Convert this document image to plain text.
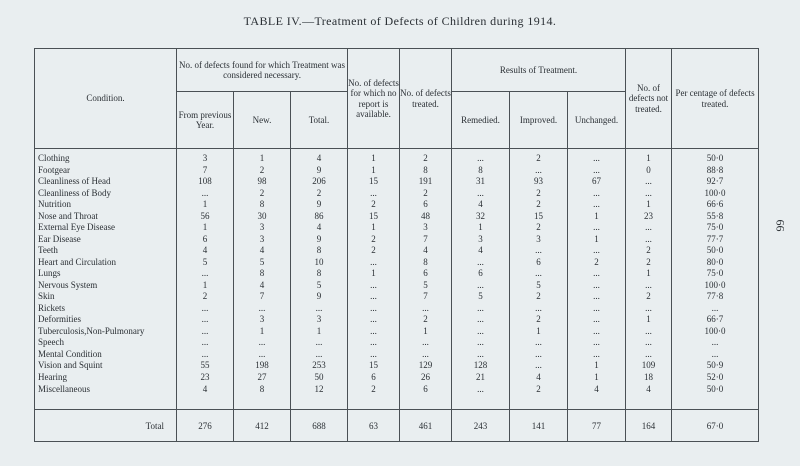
TABLE IV.—Treatment of Defects of Children during 1914.
66
Condition.	No. of defects found for which Treatment was considered necessary.			No. of defects for which no report is available.	No. of defects treated.	Results of Treatment.			No. of defects not treated.	Per centage of defects treated.
	From previous Year.	New.	Total.			Remedied.	Improved.	Unchanged.		
Clothing	3	1	4	1	2	...	2	...	1	50·0
Footgear	7	2	9	1	8	8	...	...	0	88·8
Cleanliness of Head	108	98	206	15	191	31	93	67	...	92·7
Cleanliness of Body	...	2	2	...	2	...	2	...	...	100·0
Nutrition	1	8	9	2	6	4	2	...	1	66·6
Nose and Throat	56	30	86	15	48	32	15	1	23	55·8
External Eye Disease	1	3	4	1	3	1	2	...	...	75·0
Ear Disease	6	3	9	2	7	3	3	1	...	77·7
Teeth	4	4	8	2	4	4	...	...	2	50·0
Heart and Circulation	5	5	10	...	8	...	6	2	2	80·0
Lungs	...	8	8	1	6	6	...	...	1	75·0
Nervous System	1	4	5	...	5	...	5	...	...	100·0
Skin	2	7	9	...	7	5	2	...	2	77·8
Rickets	...	...	...	...	...	...	...	...	...	...
Deformities	...	3	3	...	2	...	2	...	1	66·7
Tuberculosis,Non-Pulmonary	...	1	1	...	1	...	1	...	...	100·0
Speech	...	...	...	...	...	...	...	...	...	...
Mental Condition	...	...	...	...	...	...	...	...	...	...
Vision and Squint	55	198	253	15	129	128	...	1	109	50·9
Hearing	23	27	50	6	26	21	4	1	18	52·0
Miscellaneous	4	8	12	2	6	...	2	4	4	50·0

Total	276	412	688	63	461	243	141	77	164	67·0
